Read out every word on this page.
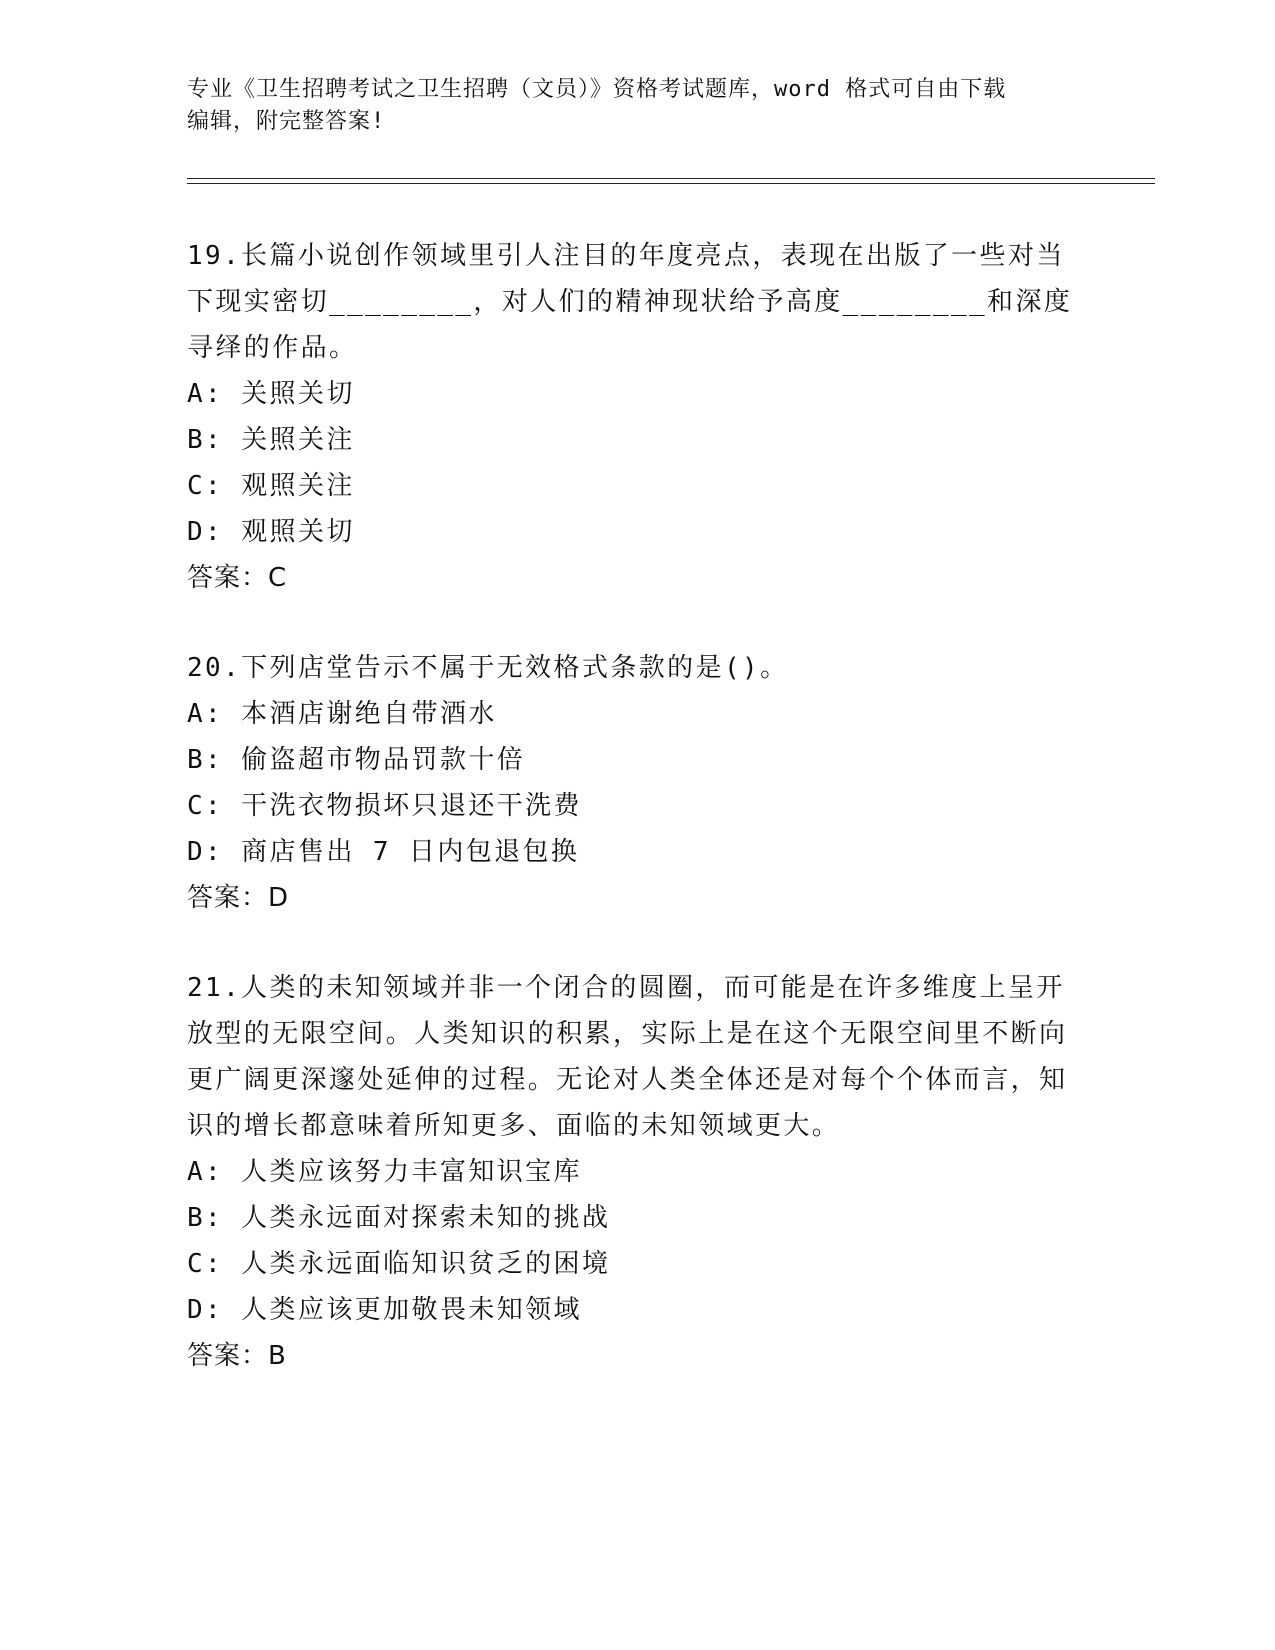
专业《卫生招聘考试之卫生招聘（文员）》资格考试题库，word 格式可自由下载
编辑，附完整答案!

19.长篇小说创作领域里引人注目的年度亮点，表现在出版了一些对当下现实密切________，对人们的精神现状给予高度________和深度寻绎的作品。

A: 关照关切

B: 关照关注

C: 观照关注

D: 观照关切

答案：C

20.下列店堂告示不属于无效格式条款的是()。

A: 本酒店谢绝自带酒水

B: 偷盗超市物品罚款十倍

C: 干洗衣物损坏只退还干洗费

D: 商店售出 7 日内包退包换

答案：D

21.人类的未知领域并非一个闭合的圆圈，而可能是在许多维度上呈开放型的无限空间。人类知识的积累，实际上是在这个无限空间里不断向更广阔更深邃处延伸的过程。无论对人类全体还是对每个个体而言，知识的增长都意味着所知更多、面临的未知领域更大。

A: 人类应该努力丰富知识宝库

B: 人类永远面对探索未知的挑战

C: 人类永远面临知识贫乏的困境

D: 人类应该更加敬畏未知领域

答案：B
